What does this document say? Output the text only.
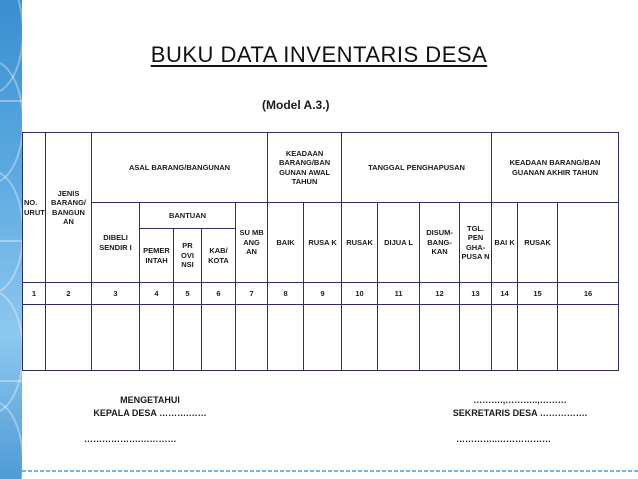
BUKU DATA INVENTARIS DESA
(Model A.3.)
NO. URUT	JENIS BARANG/ BANGUN AN	ASAL BARANG/BANGUNAN					KEADAAN BARANG/BAN GUNAN AWAL TAHUN		TANGGAL PENGHAPUSAN				KEADAAN BARANG/BAN GUANAN AKHIR TAHUN	
		DIBELI SENDIR I	BANTUAN			SU MB ANG AN	BAIK	RUSA K	RUSAK	DIJUA L	DISUM- BANG- KAN	TGL. PEN GHA- PUSA N	BAI K	RUSAK		
			PEMER INTAH	PR OVI NSI	KAB/ KOTA											
1	2	3	4	5	6	7	8	9	10	11	12	13	14	15	16	

MENGETAHUI
KEPALA DESA ……….……
……….,………..,………
SEKRETARIS DESA …………….
……………….…………	…………..………………
